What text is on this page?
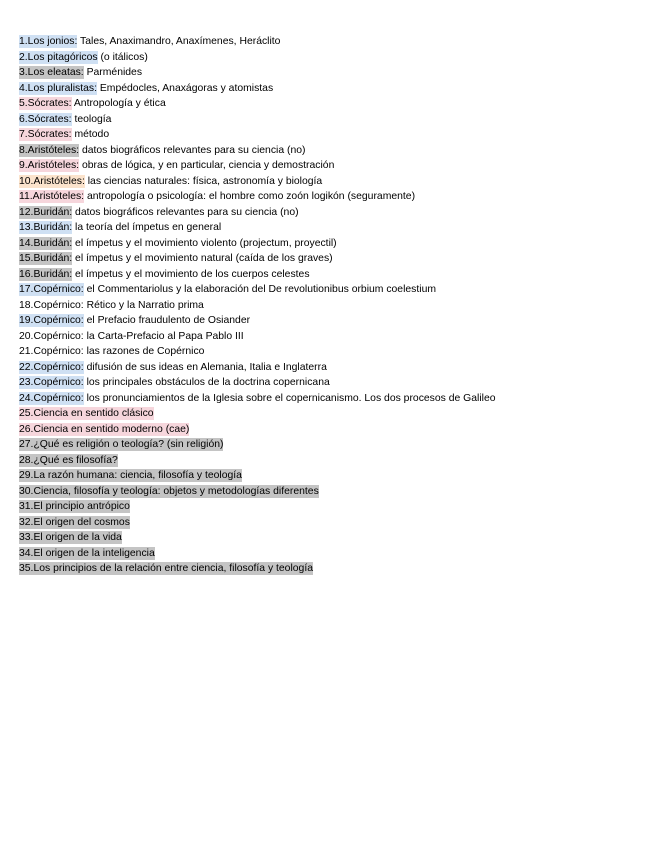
1.Los jonios: Tales, Anaximandro, Anaxímenes, Heráclito
2.Los pitagóricos (o itálicos)
3.Los eleatas: Parménides
4.Los pluralistas: Empédocles, Anaxágoras y atomistas
5.Sócrates: Antropología y ética
6.Sócrates: teología
7.Sócrates: método
8.Aristóteles: datos biográficos relevantes para su ciencia (no)
9.Aristóteles: obras de lógica, y en particular, ciencia y demostración
10.Aristóteles: las ciencias naturales: física, astronomía y biología
11.Aristóteles: antropología o psicología: el hombre como zoón logikón (seguramente)
12.Buridán: datos biográficos relevantes para su ciencia (no)
13.Buridán: la teoría del ímpetus en general
14.Buridán: el ímpetus y el movimiento violento (projectum, proyectil)
15.Buridán: el ímpetus y el movimiento natural (caída de los graves)
16.Buridán: el ímpetus y el movimiento de los cuerpos celestes
17.Copérnico: el Commentariolus y la elaboración del De revolutionibus orbium coelestium
18.Copérnico: Rético y la Narratio prima
19.Copérnico: el Prefacio fraudulento de Osiander
20.Copérnico: la Carta-Prefacio al Papa Pablo III
21.Copérnico: las razones de Copérnico
22.Copérnico: difusión de sus ideas en Alemania, Italia e Inglaterra
23.Copérnico: los principales obstáculos de la doctrina copernicana
24.Copérnico: los pronunciamientos de la Iglesia sobre el copernicanismo. Los dos procesos de Galileo
25.Ciencia en sentido clásico
26.Ciencia en sentido moderno (cae)
27.¿Qué es religión o teología? (sin religión)
28.¿Qué es filosofía?
29.La razón humana: ciencia, filosofía y teología
30.Ciencia, filosofía y teología: objetos y metodologías diferentes
31.El principio antrópico
32.El origen del cosmos
33.El origen de la vida
34.El origen de la inteligencia
35.Los principios de la relación entre ciencia, filosofía y teología
